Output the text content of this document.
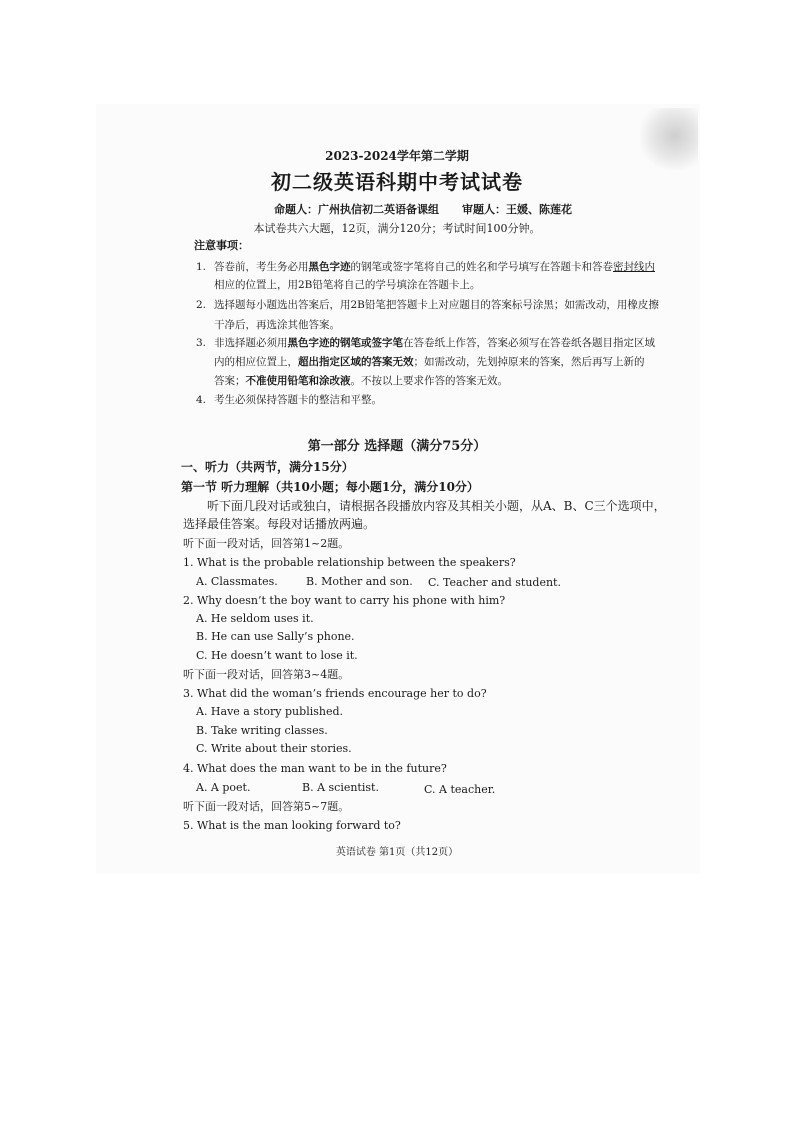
2023-2024学年第二学期
初二级英语科期中考试试卷
命题人：广州执信初二英语备课组 审题人：王媛、陈莲花
本试卷共六大题，12页，满分120分；考试时间100分钟。
注意事项：
1. 答卷前，考生务必用黑色字迹的钢笔或签字笔将自己的姓名和学号填写在答题卡和答卷密封线内
相应的位置上，用2B铅笔将自己的学号填涂在答题卡上。
2. 选择题每小题选出答案后，用2B铅笔把答题卡上对应题目的答案标号涂黑；如需改动，用橡皮擦
干净后，再选涂其他答案。
3. 非选择题必须用黑色字迹的钢笔或签字笔在答卷纸上作答，答案必须写在答卷纸各题目指定区域
内的相应位置上，超出指定区域的答案无效；如需改动，先划掉原来的答案，然后再写上新的
答案；不准使用铅笔和涂改液。不按以上要求作答的答案无效。
4. 考生必须保持答题卡的整洁和平整。
第一部分 选择题（满分75分）
一、听力（共两节，满分15分）
第一节 听力理解（共10小题；每小题1分，满分10分）
听下面几段对话或独白，请根据各段播放内容及其相关小题，从A、B、C三个选项中，
选择最佳答案。每段对话播放两遍。
听下面一段对话，回答第1~2题。
1. What is the probable relationship between the speakers?
A. Classmates.	B. Mother and son. C. Teacher and student.
2. Why doesn’t the boy want to carry his phone with him?
A. He seldom uses it.
B. He can use Sally’s phone.
C. He doesn’t want to lose it.
听下面一段对话，回答第3~4题。
3. What did the woman’s friends encourage her to do?
A. Have a story published.
B. Take writing classes.
C. Write about their stories.
4. What does the man want to be in the future?
A. A poet.	B. A scientist.	C. A teacher.
听下面一段对话，回答第5~7题。
5. What is the man looking forward to?
英语试卷 第1页（共12页）
